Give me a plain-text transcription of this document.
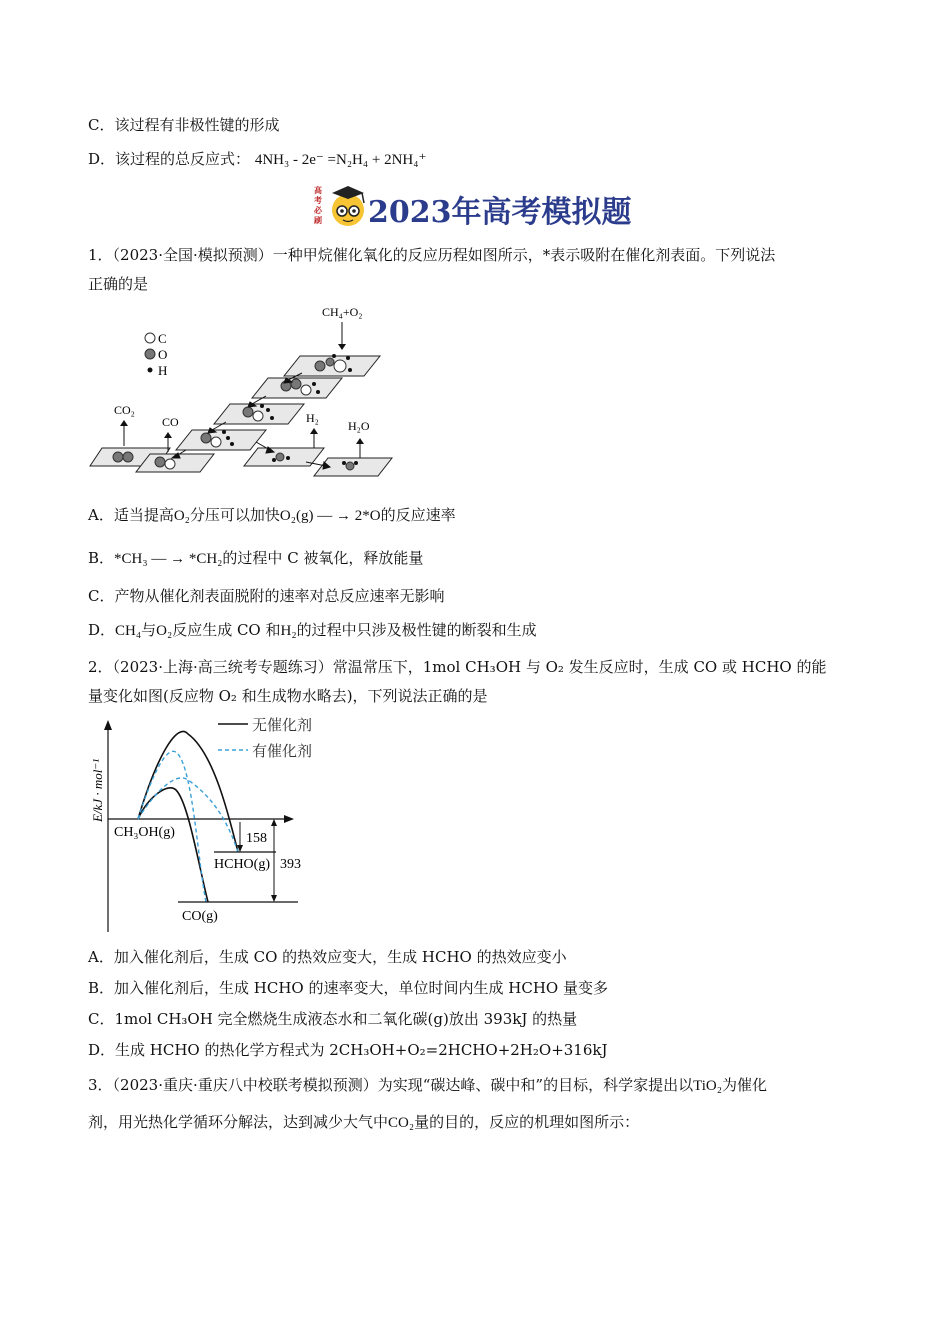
C．该过程有非极性键的形成
D．该过程的总反应式： 4NH₃ - 2e⁻ =N₂H₄ + 2NH₄⁺
高
考
必
刷 2023年高考模拟题
1．（2023·全国·模拟预测）一种甲烷催化氧化的反应历程如图所示，*表示吸附在催化剂表面。下列说法
正确的是
C
O
H
CH₄+O₂
CO₂
CO	H₂
H₂O
A．适当提高O₂分压可以加快O₂(g) — → 2*O的反应速率
B．*CH₃ — → *CH₂的过程中 C 被氧化，释放能量
C．产物从催化剂表面脱附的速率对总反应速率无影响
D．CH₄与O₂反应生成 CO 和H₂的过程中只涉及极性键的断裂和生成
2．（2023·上海·高三统考专题练习）常温常压下，1mol CH₃OH 与 O₂ 发生反应时，生成 CO 或 HCHO 的能
量变化如图(反应物 O₂ 和生成物水略去)，下列说法正确的是
E/kJ · mol⁻¹
无催化剂
有催化剂
158
393
CH₃OH(g)
HCHO(g)
CO(g)
A．加入催化剂后，生成 CO 的热效应变大，生成 HCHO 的热效应变小
B．加入催化剂后，生成 HCHO 的速率变大，单位时间内生成 HCHO 量变多
C．1mol CH₃OH 完全燃烧生成液态水和二氧化碳(g)放出 393kJ 的热量
D．生成 HCHO 的热化学方程式为 2CH₃OH+O₂=2HCHO+2H₂O+316kJ
3．（2023·重庆·重庆八中校联考模拟预测）为实现“碳达峰、碳中和”的目标，科学家提出以TiO₂为催化
剂，用光热化学循环分解法，达到减少大气中CO₂量的目的，反应的机理如图所示：
